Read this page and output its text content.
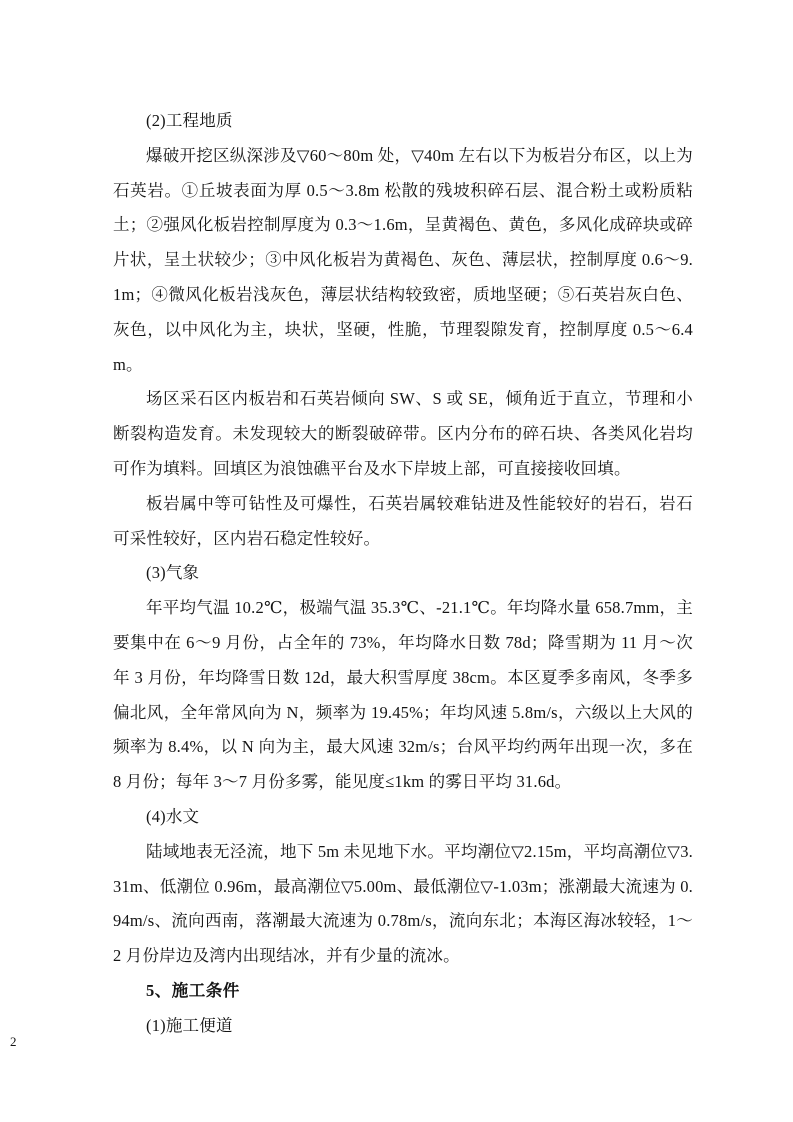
(2)工程地质

爆破开挖区纵深涉及▽60～80m 处，▽40m 左右以下为板岩分布区，以上为石英岩。①丘坡表面为厚 0.5～3.8m 松散的残坡积碎石层、混合粉土或粉质粘土；②强风化板岩控制厚度为 0.3～1.6m，呈黄褐色、黄色，多风化成碎块或碎片状，呈土状较少；③中风化板岩为黄褐色、灰色、薄层状，控制厚度 0.6～9.1m；④微风化板岩浅灰色，薄层状结构较致密，质地坚硬；⑤石英岩灰白色、灰色，以中风化为主，块状，坚硬，性脆，节理裂隙发育，控制厚度 0.5～6.4m。

场区采石区内板岩和石英岩倾向 SW、S 或 SE，倾角近于直立，节理和小断裂构造发育。未发现较大的断裂破碎带。区内分布的碎石块、各类风化岩均可作为填料。回填区为浪蚀礁平台及水下岸坡上部，可直接接收回填。

板岩属中等可钻性及可爆性，石英岩属较难钻进及性能较好的岩石，岩石可采性较好，区内岩石稳定性较好。

(3)气象

年平均气温 10.2℃，极端气温 35.3℃、-21.1℃。年均降水量 658.7mm，主要集中在 6～9 月份，占全年的 73%，年均降水日数 78d；降雪期为 11 月～次年 3 月份，年均降雪日数 12d，最大积雪厚度 38cm。本区夏季多南风，冬季多偏北风，全年常风向为 N，频率为 19.45%；年均风速 5.8m/s，六级以上大风的频率为 8.4%，以 N 向为主，最大风速 32m/s；台风平均约两年出现一次，多在 8 月份；每年 3～7 月份多雾，能见度≤1km 的雾日平均 31.6d。

(4)水文

陆域地表无泾流，地下 5m 未见地下水。平均潮位▽2.15m，平均高潮位▽3.31m、低潮位 0.96m，最高潮位▽5.00m、最低潮位▽-1.03m；涨潮最大流速为 0.94m/s、流向西南，落潮最大流速为 0.78m/s，流向东北；本海区海冰较轻，1～2 月份岸边及湾内出现结冰，并有少量的流冰。

5、施工条件

(1)施工便道

2
